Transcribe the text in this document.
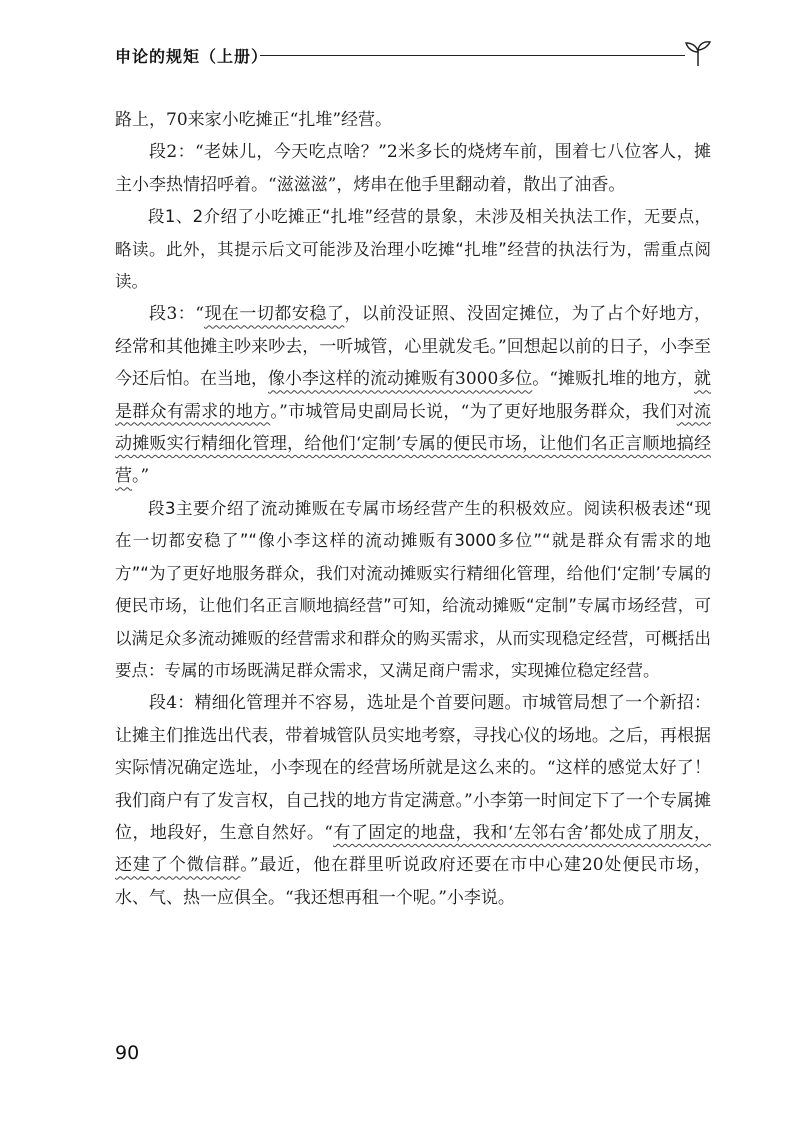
申论的规矩（上册）

路上，70来家小吃摊正“扎堆”经营。

段2：“老妹儿，今天吃点啥？”2米多长的烧烤车前，围着七八位客人，摊主小李热情招呼着。“滋滋滋”，烤串在他手里翻动着，散出了油香。

段1、2介绍了小吃摊正“扎堆”经营的景象，未涉及相关执法工作，无要点，略读。此外，其提示后文可能涉及治理小吃摊“扎堆”经营的执法行为，需重点阅读。

段3：“现在一切都安稳了，以前没证照、没固定摊位，为了占个好地方，经常和其他摊主吵来吵去，一听城管，心里就发毛。”回想起以前的日子，小李至今还后怕。在当地，像小李这样的流动摊贩有3000多位。“摊贩扎堆的地方，就是群众有需求的地方。”市城管局史副局长说，“为了更好地服务群众，我们对流动摊贩实行精细化管理，给他们‘定制’专属的便民市场，让他们名正言顺地搞经营。”

段3主要介绍了流动摊贩在专属市场经营产生的积极效应。阅读积极表述“现在一切都安稳了”“像小李这样的流动摊贩有3000多位”“就是群众有需求的地方”“为了更好地服务群众，我们对流动摊贩实行精细化管理，给他们‘定制’专属的便民市场，让他们名正言顺地搞经营”可知，给流动摊贩“定制”专属市场经营，可以满足众多流动摊贩的经营需求和群众的购买需求，从而实现稳定经营，可概括出要点：专属的市场既满足群众需求，又满足商户需求，实现摊位稳定经营。

段4：精细化管理并不容易，选址是个首要问题。市城管局想了一个新招：让摊主们推选出代表，带着城管队员实地考察，寻找心仪的场地。之后，再根据实际情况确定选址，小李现在的经营场所就是这么来的。“这样的感觉太好了！我们商户有了发言权，自己找的地方肯定满意。”小李第一时间定下了一个专属摊位，地段好，生意自然好。“有了固定的地盘，我和‘左邻右舍’都处成了朋友，还建了个微信群。”最近，他在群里听说政府还要在市中心建20处便民市场，水、气、热一应俱全。“我还想再租一个呢。”小李说。

90
